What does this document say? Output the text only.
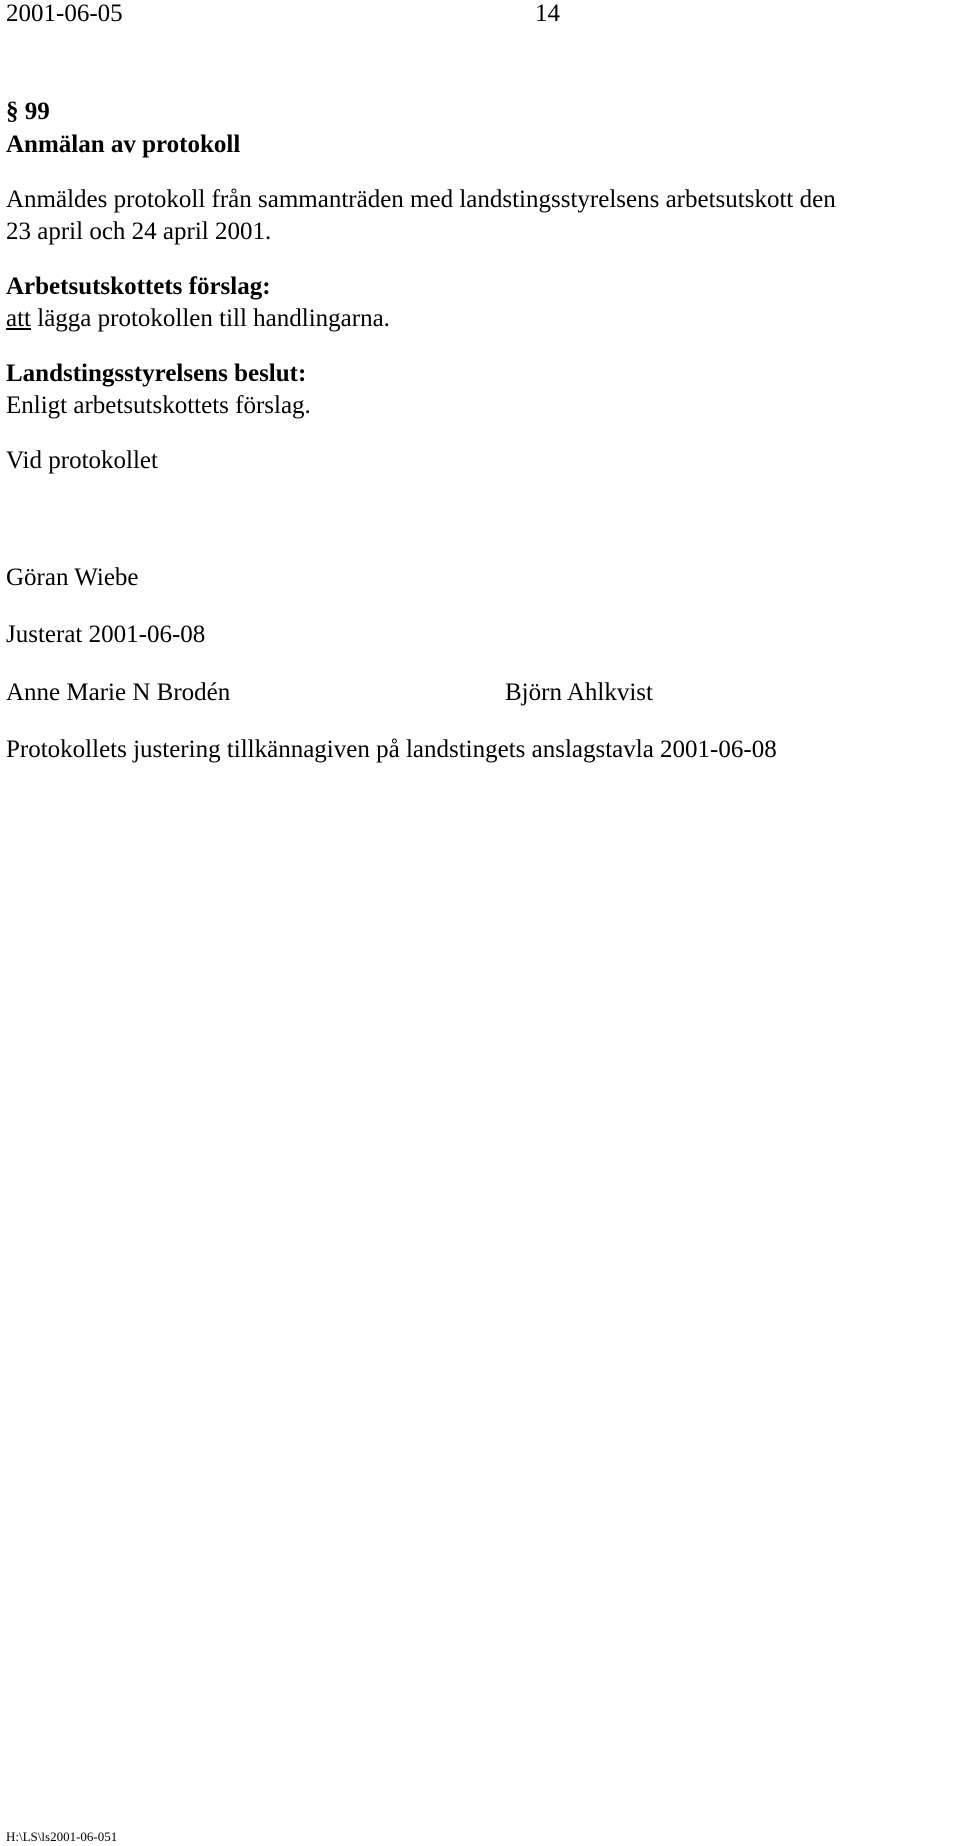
2001-06-05	14
§ 99
Anmälan av protokoll
Anmäldes protokoll från sammanträden med landstingsstyrelsens arbetsutskott den
23 april och 24 april 2001.
Arbetsutskottets förslag:
att lägga protokollen till handlingarna.
Landstingsstyrelsens beslut:
Enligt arbetsutskottets förslag.
Vid protokollet
Göran Wiebe
Justerat 2001-06-08
Anne Marie N Brodén	Björn Ahlkvist
Protokollets justering tillkännagiven på landstingets anslagstavla 2001-06-08
H:\LS\ls2001-06-051
